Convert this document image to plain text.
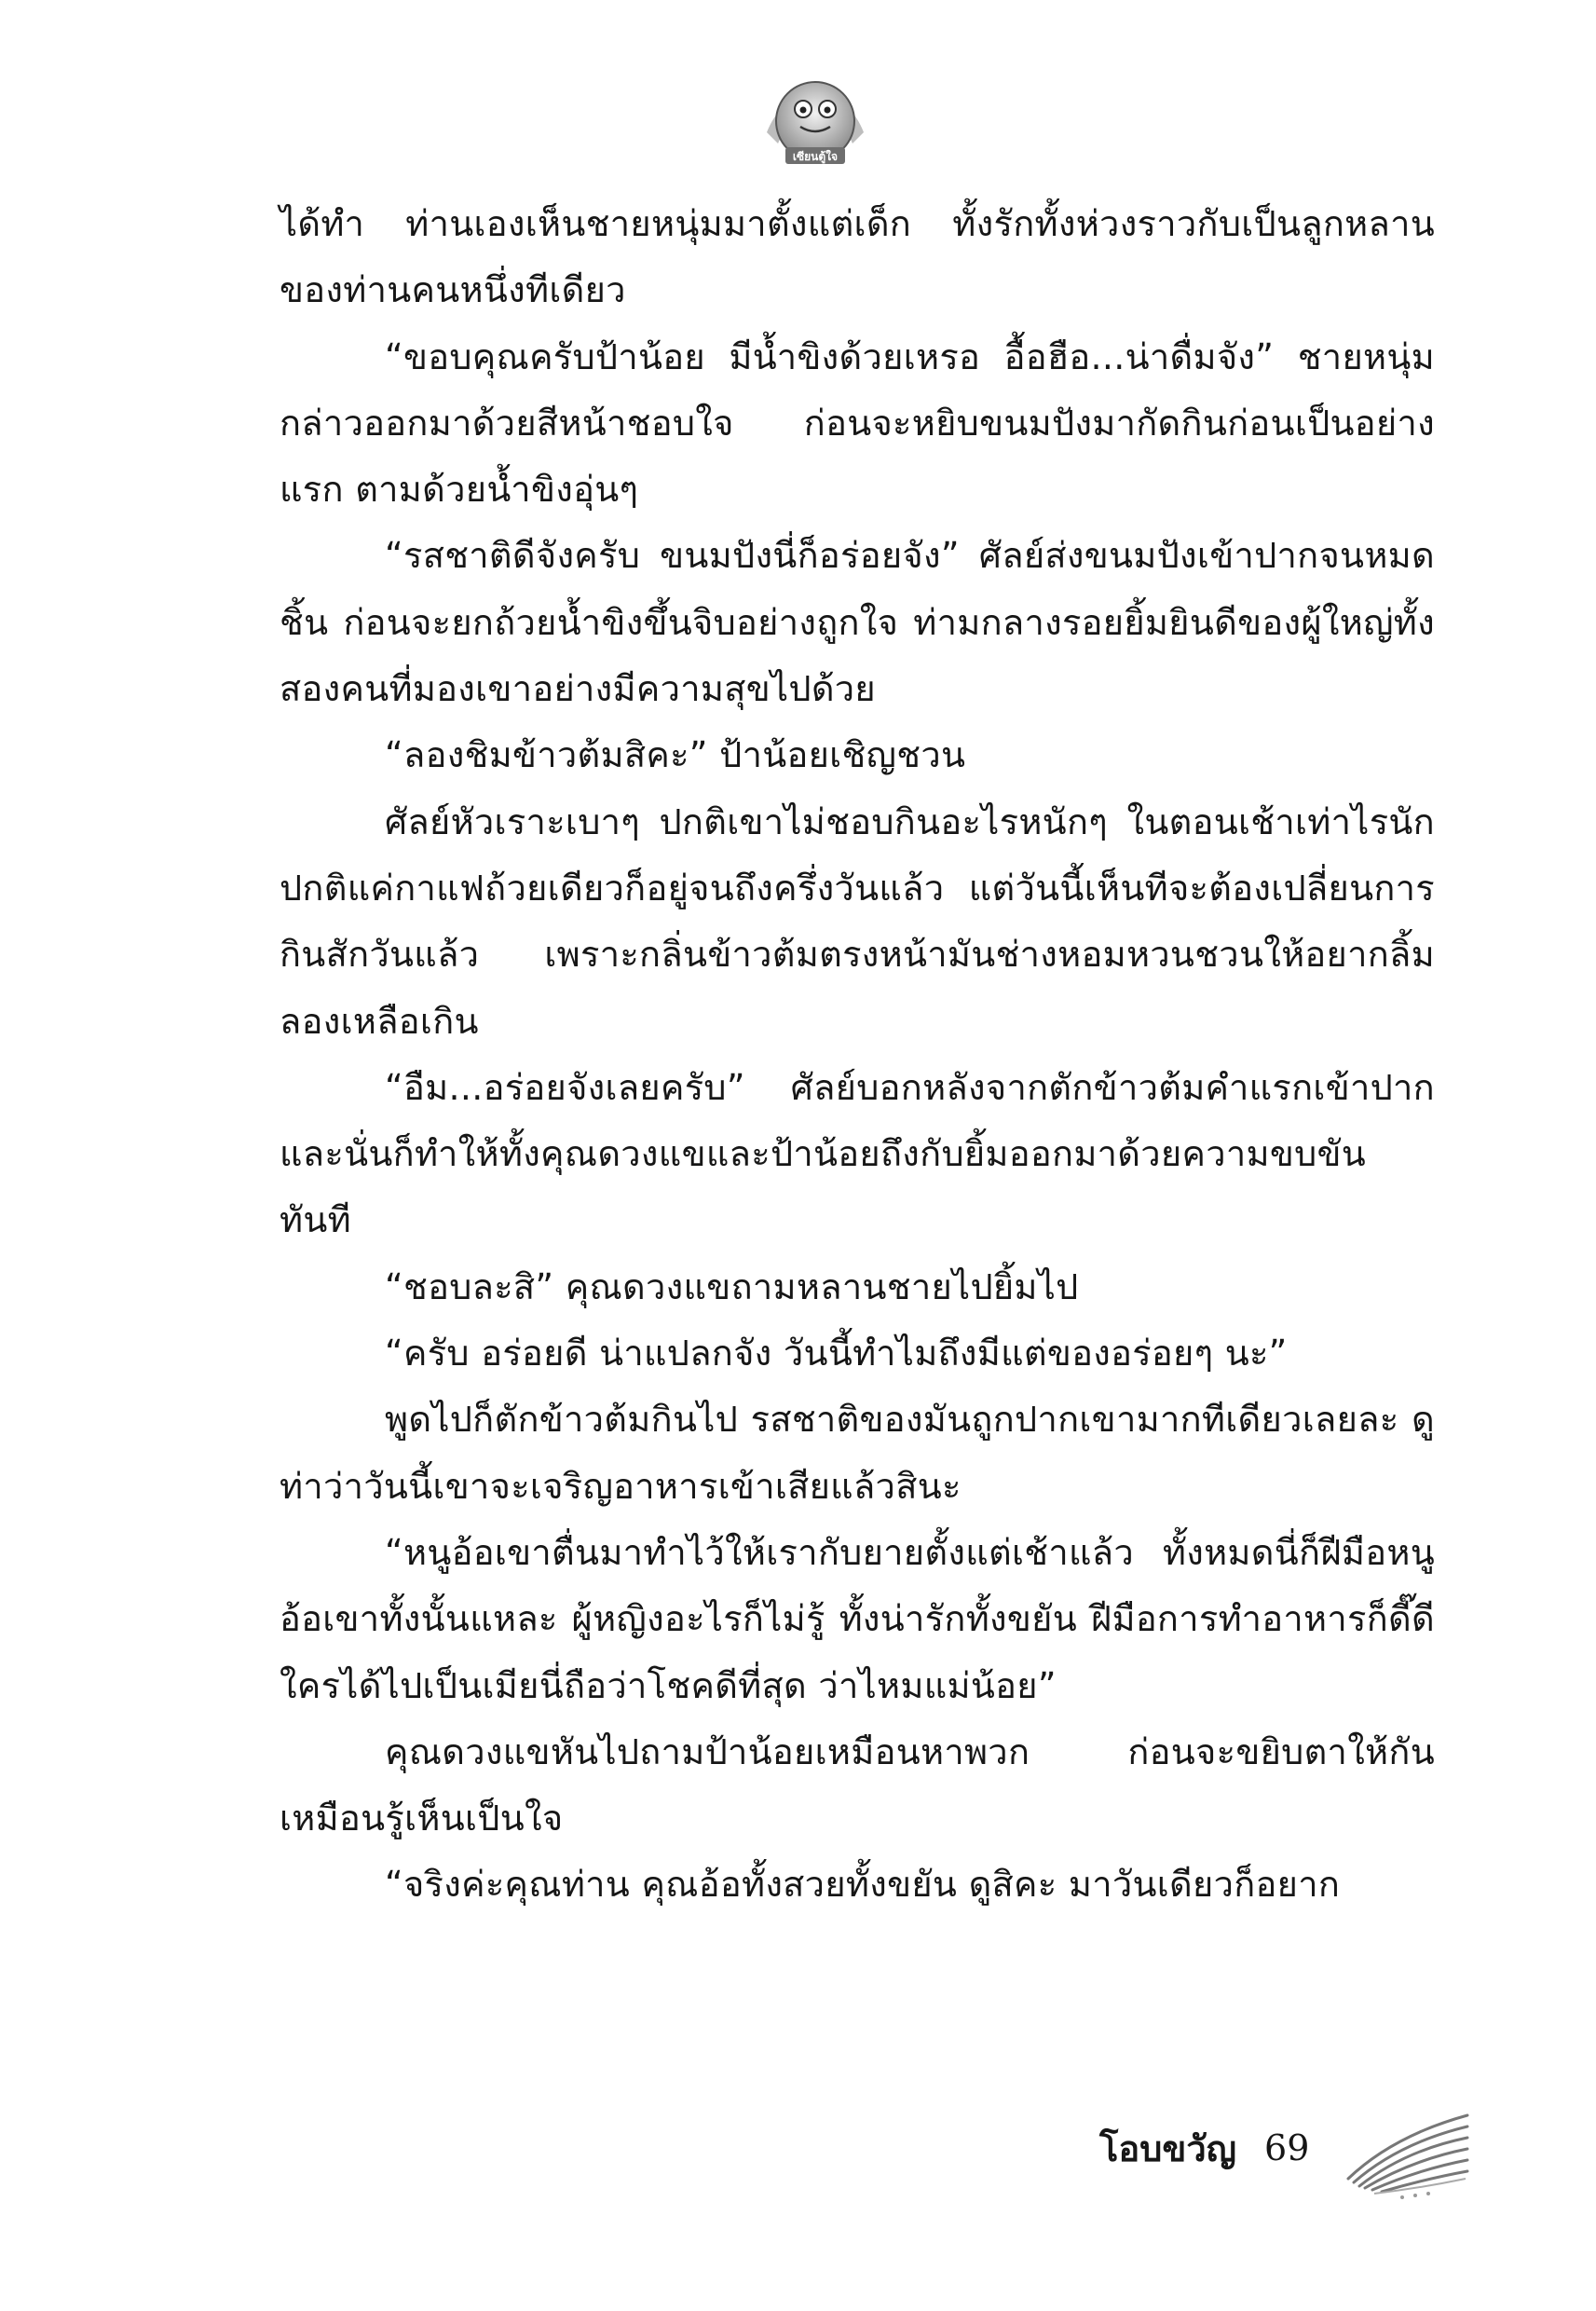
เซียนตู้ใจ

ได้ทำ ท่านเองเห็นชายหนุ่มมาตั้งแต่เด็ก ทั้งรักทั้งห่วงราวกับเป็นลูกหลานของท่านคนหนึ่งทีเดียว

“ขอบคุณครับป้าน้อย มีน้ำขิงด้วยเหรอ อื้อฮือ...น่าดื่มจัง” ชายหนุ่มกล่าวออกมาด้วยสีหน้าชอบใจ ก่อนจะหยิบขนมปังมากัดกินก่อนเป็นอย่างแรก ตามด้วยน้ำขิงอุ่นๆ

“รสชาติดีจังครับ ขนมปังนี่ก็อร่อยจัง” ศัลย์ส่งขนมปังเข้าปากจนหมดชิ้น ก่อนจะยกถ้วยน้ำขิงขึ้นจิบอย่างถูกใจ ท่ามกลางรอยยิ้มยินดีของผู้ใหญ่ทั้งสองคนที่มองเขาอย่างมีความสุขไปด้วย

“ลองชิมข้าวต้มสิคะ” ป้าน้อยเชิญชวน

ศัลย์หัวเราะเบาๆ ปกติเขาไม่ชอบกินอะไรหนักๆ ในตอนเช้าเท่าไรนัก ปกติแค่กาแฟถ้วยเดียวก็อยู่จนถึงครึ่งวันแล้ว แต่วันนี้เห็นทีจะต้องเปลี่ยนการกินสักวันแล้ว เพราะกลิ่นข้าวต้มตรงหน้ามันช่างหอมหวนชวนให้อยากลิ้มลองเหลือเกิน

“อืม...อร่อยจังเลยครับ” ศัลย์บอกหลังจากตักข้าวต้มคำแรกเข้าปาก และนั่นก็ทำให้ทั้งคุณดวงแขและป้าน้อยถึงกับยิ้มออกมาด้วยความขบขันทันที

“ชอบละสิ” คุณดวงแขถามหลานชายไปยิ้มไป

“ครับ อร่อยดี น่าแปลกจัง วันนี้ทำไมถึงมีแต่ของอร่อยๆ นะ”

พูดไปก็ตักข้าวต้มกินไป รสชาติของมันถูกปากเขามากทีเดียวเลยละ ดูท่าว่าวันนี้เขาจะเจริญอาหารเข้าเสียแล้วสินะ

“หนูอ้อเขาตื่นมาทำไว้ให้เรากับยายตั้งแต่เช้าแล้ว ทั้งหมดนี่ก็ฝีมือหนูอ้อเขาทั้งนั้นแหละ ผู้หญิงอะไรก็ไม่รู้ ทั้งน่ารักทั้งขยัน ฝีมือการทำอาหารก็ดี๊ดี ใครได้ไปเป็นเมียนี่ถือว่าโชคดีที่สุด ว่าไหมแม่น้อย”

คุณดวงแขหันไปถามป้าน้อยเหมือนหาพวก ก่อนจะขยิบตาให้กันเหมือนรู้เห็นเป็นใจ

“จริงค่ะคุณท่าน คุณอ้อทั้งสวยทั้งขยัน ดูสิคะ มาวันเดียวก็อยาก

โอบขวัญ 69
